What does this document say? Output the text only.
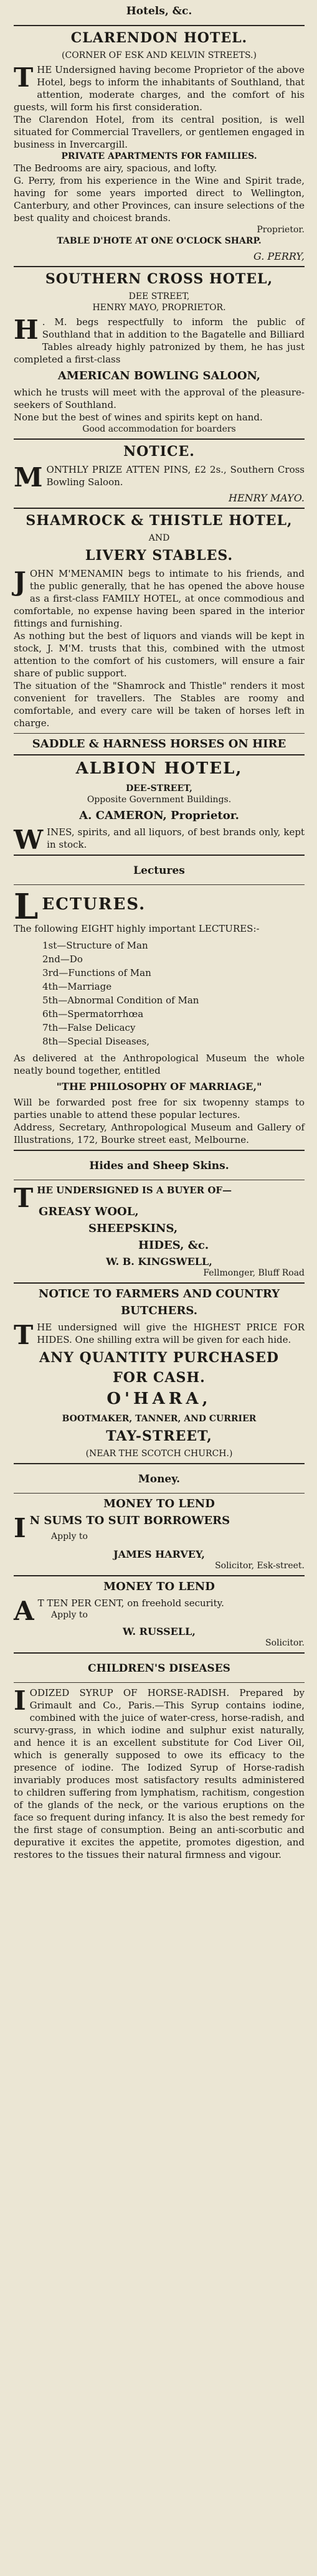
Hotels, &c.
CLARENDON HOTEL.
(CORNER OF ESK AND KELVIN STREETS.)
T HE Undersigned having become Proprietor of the above Hotel, begs to inform the inhabitants of Southland, that attention, moderate charges, and the comfort of his guests, will form his first consideration.
The Clarendon Hotel, from its central position, is well situated for Commercial Travellers, or gentlemen engaged in business in Invercargill.
PRIVATE APARTMENTS FOR FAMILIES.
The Bedrooms are airy, spacious, and lofty.
G. Perry, from his experience in the Wine and Spirit trade, having for some years imported direct to Wellington, Canterbury, and other Provinces, can insure selections of the best quality and choicest brands.
Proprietor.
TABLE D'HOTE AT ONE O'CLOCK SHARP.
G. PERRY,
SOUTHERN CROSS HOTEL,
DEE STREET,
HENRY MAYO, PROPRIETOR.
H . M. begs respectfully to inform the public of Southland that in addition to the Bagatelle and Billiard Tables already highly patronized by them, he has just completed a first-class
AMERICAN BOWLING SALOON,
which he trusts will meet with the approval of the pleasure-seekers of Southland.
None but the best of wines and spirits kept on hand.
Good accommodation for boarders
NOTICE.
M ONTHLY PRIZE ATTEN PINS, £2 2s., Southern Cross Bowling Saloon.
HENRY MAYO.
SHAMROCK & THISTLE HOTEL,
AND
LIVERY STABLES.
J OHN M'MENAMIN begs to intimate to his friends, and the public generally, that he has opened the above house as a first-class FAMILY HOTEL, at once commodious and comfortable, no expense having been spared in the interior fittings and furnishing.
As nothing but the best of liquors and viands will be kept in stock, J. M'M. trusts that this, combined with the utmost attention to the comfort of his customers, will ensure a fair share of public support.
The situation of the "Shamrock and Thistle" renders it most convenient for travellers. The Stables are roomy and comfortable, and every care will be taken of horses left in charge.
SADDLE & HARNESS HORSES ON HIRE
ALBION HOTEL,
DEE-STREET,
Opposite Government Buildings.
A. CAMERON, Proprietor.
W INES, spirits, and all liquors, of best brands only, kept in stock.
Lectures
L ECTURES.
The following EIGHT highly important LECTURES:-
1st—Structure of Man
2nd—Do
3rd—Functions of Man
4th—Marriage
5th—Abnormal Condition of Man
6th—Spermatorrhœa
7th—False Delicacy
8th—Special Diseases,
As delivered at the Anthropological Museum the whole neatly bound together, entitled
"THE PHILOSOPHY OF MARRIAGE,"
Will be forwarded post free for six twopenny stamps to parties unable to attend these popular lectures.
Address, Secretary, Anthropological Museum and Gallery of Illustrations, 172, Bourke street east, Melbourne.
Hides and Sheep Skins.
T HE UNDERSIGNED IS A BUYER OF—
GREASY WOOL,
SHEEPSKINS,
HIDES, &c.
W. B. KINGSWELL,
Fellmonger, Bluff Road
NOTICE TO FARMERS AND COUNTRY
BUTCHERS.
T HE undersigned will give the HIGHEST PRICE FOR HIDES. One shilling extra will be given for each hide.
ANY QUANTITY PURCHASED
FOR CASH.
O'HARA,
BOOTMAKER, TANNER, AND CURRIER
TAY-STREET,
(NEAR THE SCOTCH CHURCH.)
Money.
MONEY TO LEND
I N SUMS TO SUIT BORROWERS
Apply to
JAMES HARVEY,
Solicitor, Esk-street.
MONEY TO LEND
A T TEN PER CENT, on freehold security.
Apply to
W. RUSSELL,
Solicitor.
CHILDREN'S DISEASES
I ODIZED SYRUP OF HORSE-RADISH. Prepared by Grimault and Co., Paris.—This Syrup contains iodine, combined with the juice of water-cress, horse-radish, and scurvy-grass, in which iodine and sulphur exist naturally, and hence it is an excellent substitute for Cod Liver Oil, which is generally supposed to owe its efficacy to the presence of iodine. The Iodized Syrup of Horse-radish invariably produces most satisfactory results administered to children suffering from lymphatism, rachitism, congestion of the glands of the neck, or the various eruptions on the face so frequent during infancy. It is also the best remedy for the first stage of consumption. Being an anti-scorbutic and depurative it excites the appetite, promotes digestion, and restores to the tissues their natural firmness and vigour.
